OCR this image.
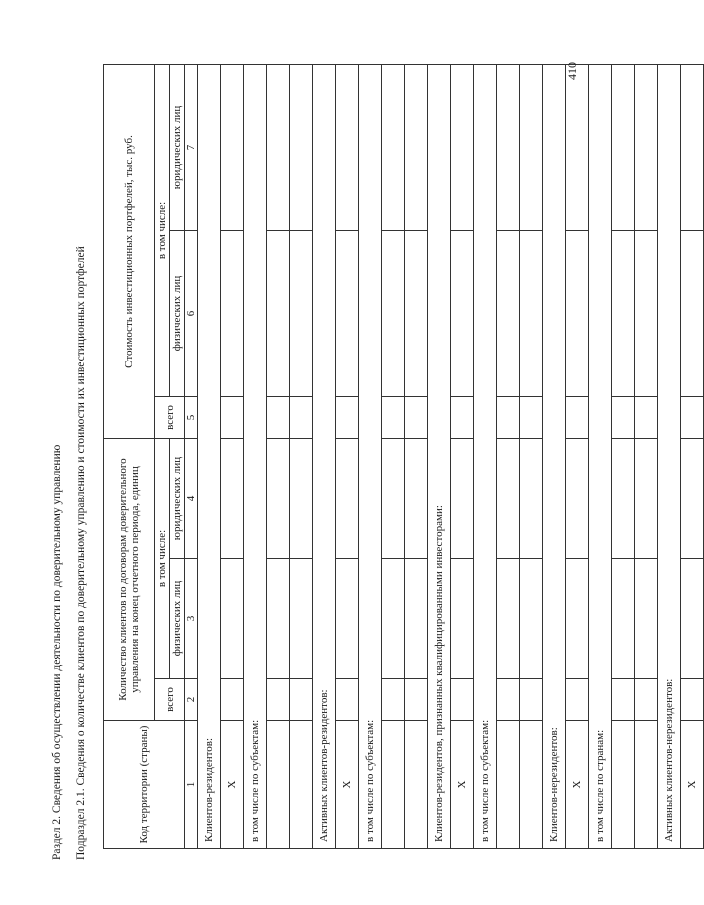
Раздел 2. Сведения об осуществлении деятельности по доверительному управлению Подраздел 2.1. Сведения о количестве клиентов по доверительному управлению и стоимости их инвестиционных портфелей	Код территории (страны)	Количество клиентов по договорам доверительного управления на конец отчетного периода, единиц			Стоимость инвестиционных портфелей, тыс. руб.		
	всего	в том числе:		всего	в том числе:	
		физических лиц	юридических лиц		физических лиц	юридических лиц
1	2	3	4	5	6	7
Клиентов-резидентов:						
X						
в том числе по субъектам:						

Активных клиентов-резидентов:						
X						
в том числе по субъектам:						

Клиентов-резидентов, признанных квалифицированными инвесторами:						
X						
в том числе по субъектам:						

Клиентов-нерезидентов:						
X						
в том числе по странам:						

Активных клиентов-нерезидентов:						
X						
410
